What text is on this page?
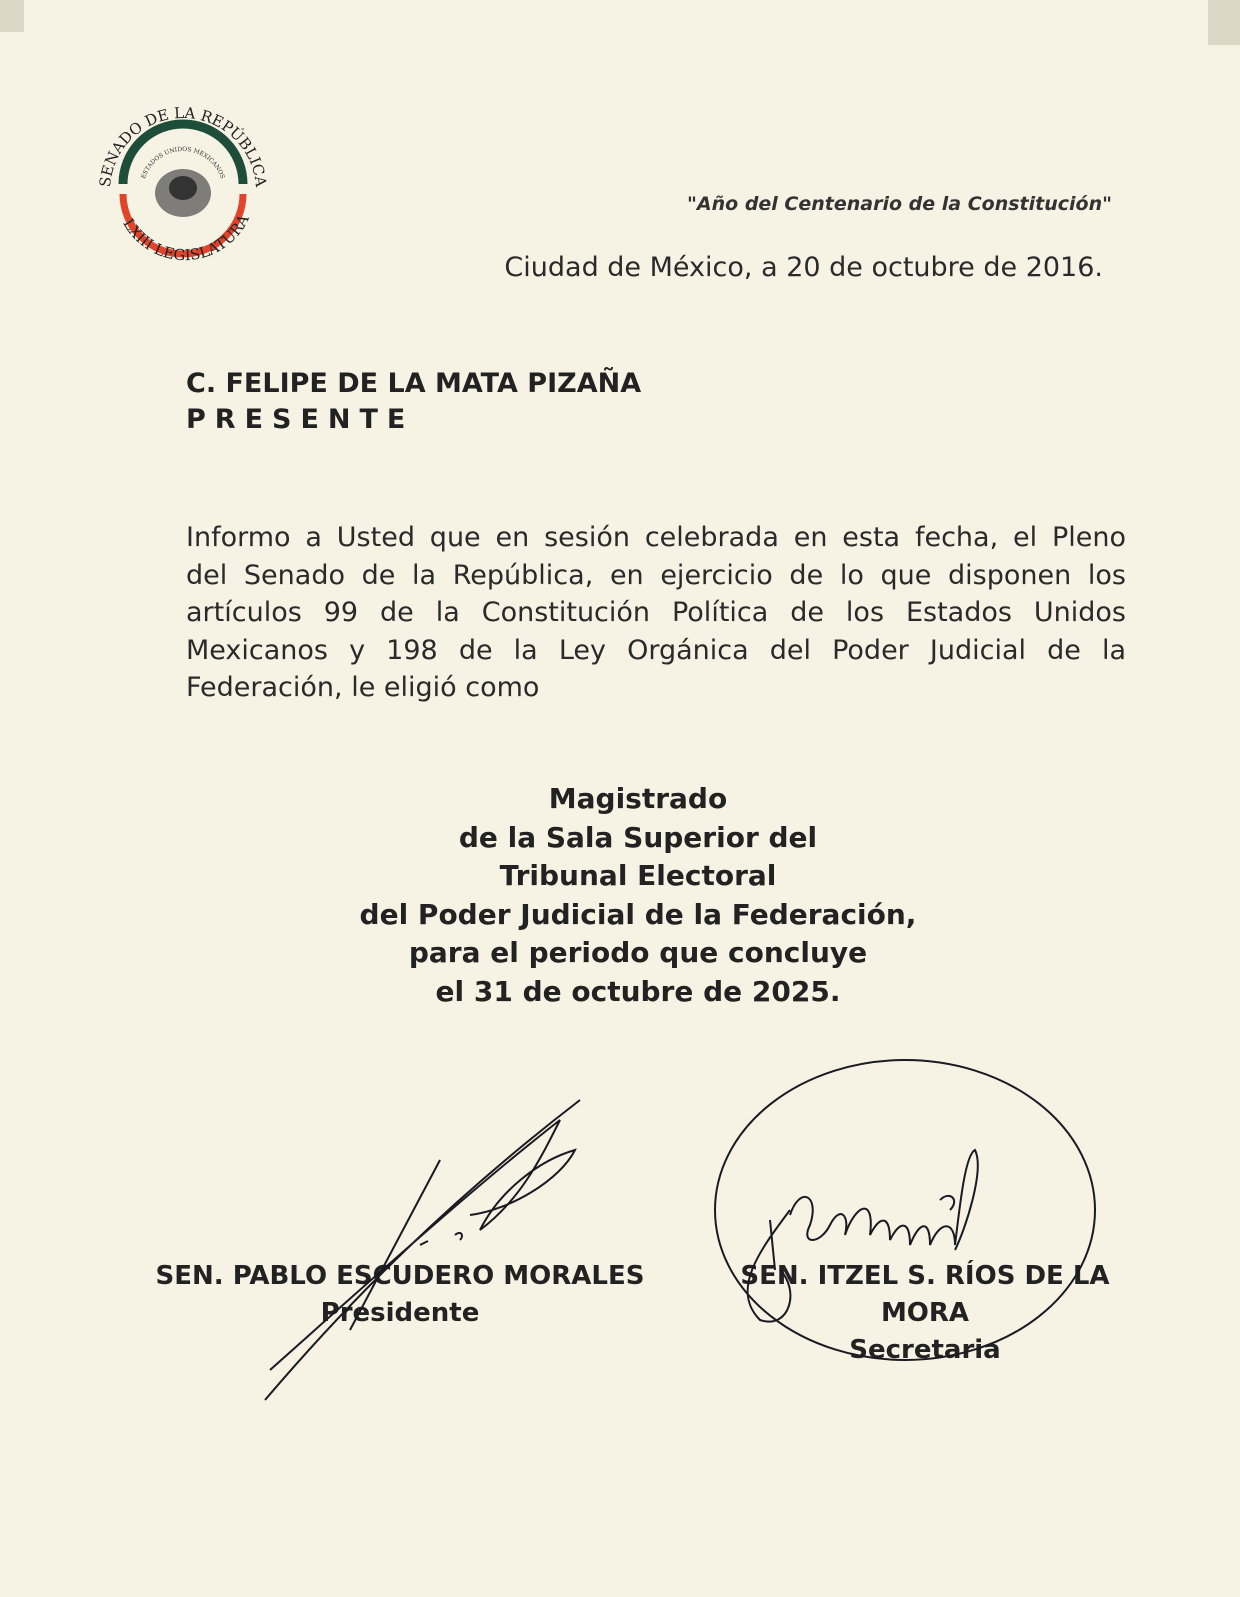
SENADO DE LA REPÚBLICA
LXIII LEGISLATURA
ESTADOS UNIDOS MEXICANOS
"Año del Centenario de la Constitución"
Ciudad de México, a 20 de octubre de 2016.
C. FELIPE DE LA MATA PIZAÑA
PRESENTE
Informo a Usted que en sesión celebrada en esta fecha, el Pleno
del Senado de la República, en ejercicio de lo que disponen los
artículos 99 de la Constitución Política de los Estados Unidos
Mexicanos y 198 de la Ley Orgánica del Poder Judicial de la
Federación, le eligió como
Magistrado
de la Sala Superior del
Tribunal Electoral
del Poder Judicial de la Federación,
para el periodo que concluye
el 31 de octubre de 2025.
SEN. PABLO ESCUDERO MORALES
Presidente
SEN. ITZEL S. RÍOS DE LA MORA
Secretaria
